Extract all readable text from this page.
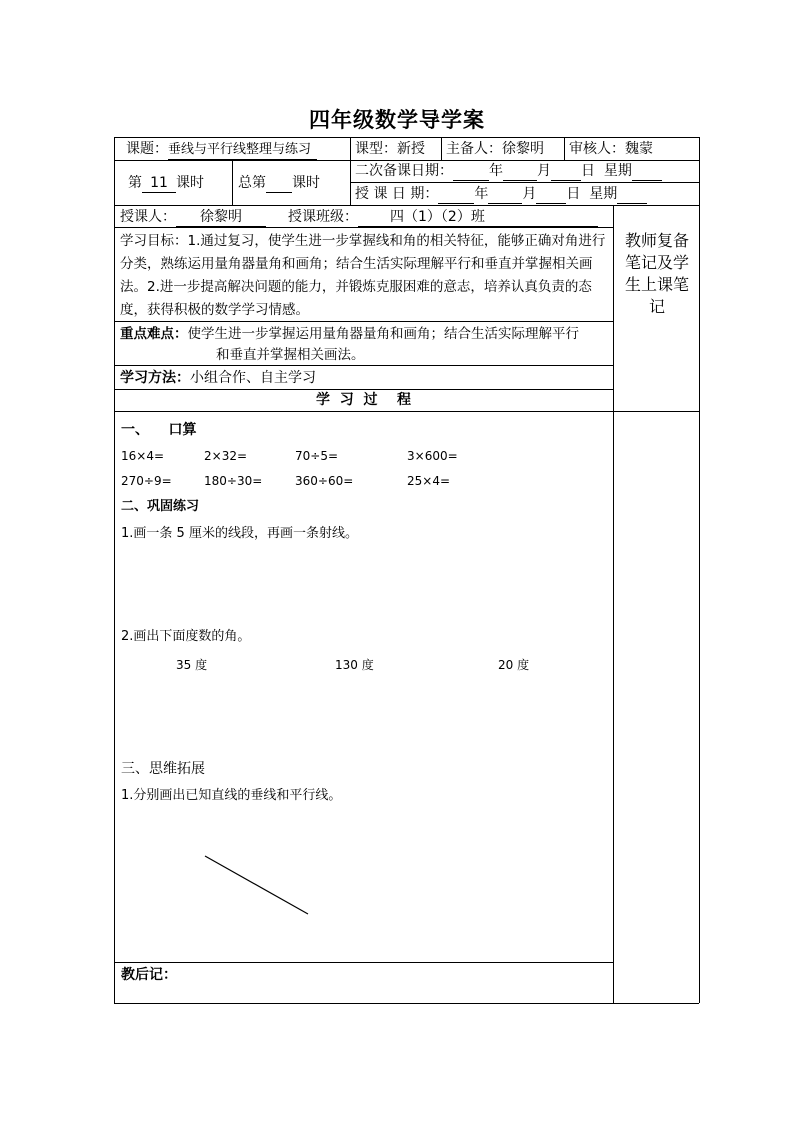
四年级数学导学案
课题：垂线与平行线整理与练习	课型：新授 主备人：徐黎明 审核人：魏蒙
第 11 课时 总第 课时
二次备课日期：	年 月 日 星期
授 课 日 期：	年 月 日 星期
授课人： 徐黎明	授课班级： 四（1）（2）班
学习目标：1.通过复习，使学生进一步掌握线和角的相关特征，能够正确对角进行分类，熟练运用量角器量角和画角；结合生活实际理解平行和垂直并掌握相关画法。2.进一步提高解决问题的能力，并锻炼克服困难的意志，培养认真负责的态度，获得积极的数学学习情感。
教师复备笔记及学生上课笔记
重点难点：使学生进一步掌握运用量角器量角和画角；结合生活实际理解平行
和垂直并掌握相关画法。
学习方法：小组合作、自主学习
学  习  过    程
一、    口算
16×4=	2×32=	70÷5=	3×600=
270÷9=	180÷30=	360÷60=	25×4=
二、巩固练习
1.画一条 5 厘米的线段，再画一条射线。
2.画出下面度数的角。
35 度	130 度	20 度
三、思维拓展
1.分别画出已知直线的垂线和平行线。
教后记：
